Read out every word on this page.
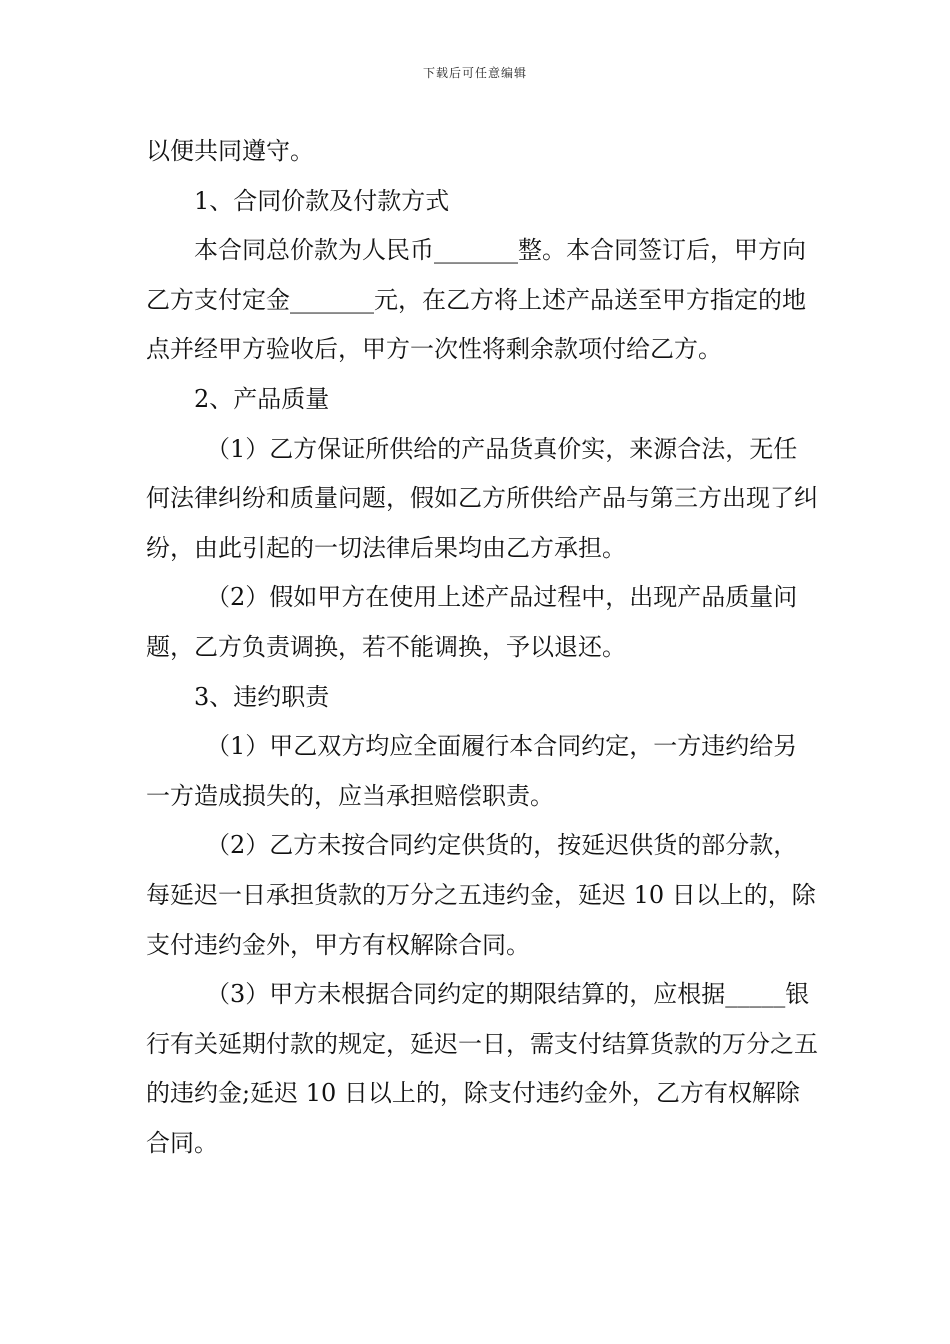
下载后可任意编辑

以便共同遵守。

1、合同价款及付款方式

本合同总价款为人民币_______整。本合同签订后，甲方向乙方支付定金_______元，在乙方将上述产品送至甲方指定的地点并经甲方验收后，甲方一次性将剩余款项付给乙方。

2、产品质量

（1）乙方保证所供给的产品货真价实，来源合法，无任何法律纠纷和质量问题，假如乙方所供给产品与第三方出现了纠纷，由此引起的一切法律后果均由乙方承担。

（2）假如甲方在使用上述产品过程中，出现产品质量问题，乙方负责调换，若不能调换，予以退还。

3、违约职责

（1）甲乙双方均应全面履行本合同约定，一方违约给另一方造成损失的，应当承担赔偿职责。

（2）乙方未按合同约定供货的，按延迟供货的部分款，每延迟一日承担货款的万分之五违约金，延迟 10 日以上的，除支付违约金外，甲方有权解除合同。

（3）甲方未根据合同约定的期限结算的，应根据_____银行有关延期付款的规定，延迟一日，需支付结算货款的万分之五的违约金;延迟 10 日以上的，除支付违约金外，乙方有权解除合同。
